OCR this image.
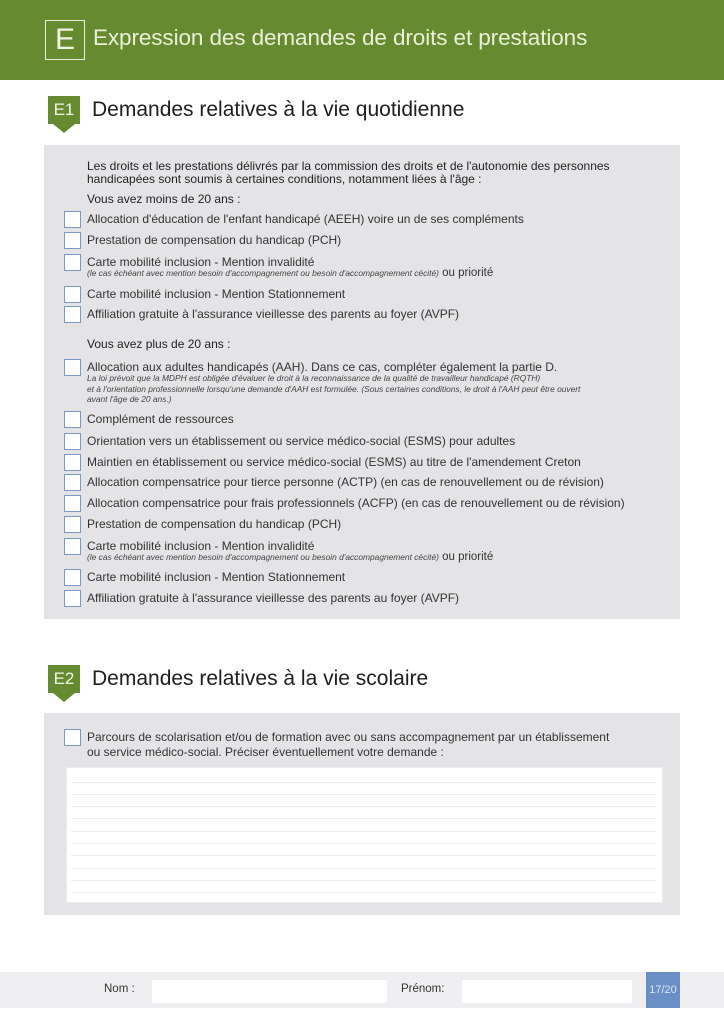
E Expression des demandes de droits et prestations
E1 Demandes relatives à la vie quotidienne
Les droits et les prestations délivrés par la commission des droits et de l'autonomie des personnes
handicapées sont soumis à certaines conditions, notamment liées à l'âge :
Vous avez moins de 20 ans :
Allocation d'éducation de l'enfant handicapé (AEEH) voire un de ses compléments
Prestation de compensation du handicap (PCH)
Carte mobilité inclusion - Mention invalidité
(le cas échéant avec mention besoin d'accompagnement ou besoin d'accompagnement cécité) ou priorité
Carte mobilité inclusion - Mention Stationnement
Affiliation gratuite à l'assurance vieillesse des parents au foyer (AVPF)
Vous avez plus de 20 ans :
Allocation aux adultes handicapés (AAH). Dans ce cas, compléter également la partie D.
La loi prévoit que la MDPH est obligée d'évaluer le droit à la reconnaissance de la qualité de travailleur handicapé (RQTH)
et à l'orientation professionnelle lorsqu'une demande d'AAH est formulée. (Sous certaines conditions, le droit à l'AAH peut être ouvert
avant l'âge de 20 ans.)
Complément de ressources
Orientation vers un établissement ou service médico-social (ESMS) pour adultes
Maintien en établissement ou service médico-social (ESMS) au titre de l'amendement Creton
Allocation compensatrice pour tierce personne (ACTP) (en cas de renouvellement ou de révision)
Allocation compensatrice pour frais professionnels (ACFP) (en cas de renouvellement ou de révision)
Prestation de compensation du handicap (PCH)
Carte mobilité inclusion - Mention invalidité
(le cas échéant avec mention besoin d'accompagnement ou besoin d'accompagnement cécité) ou priorité
Carte mobilité inclusion - Mention Stationnement
Affiliation gratuite à l'assurance vieillesse des parents au foyer (AVPF)
E2 Demandes relatives à la vie scolaire
Parcours de scolarisation et/ou de formation avec ou sans accompagnement par un établissement
ou service médico-social. Préciser éventuellement votre demande :
Nom :	Prénom:	17/20
